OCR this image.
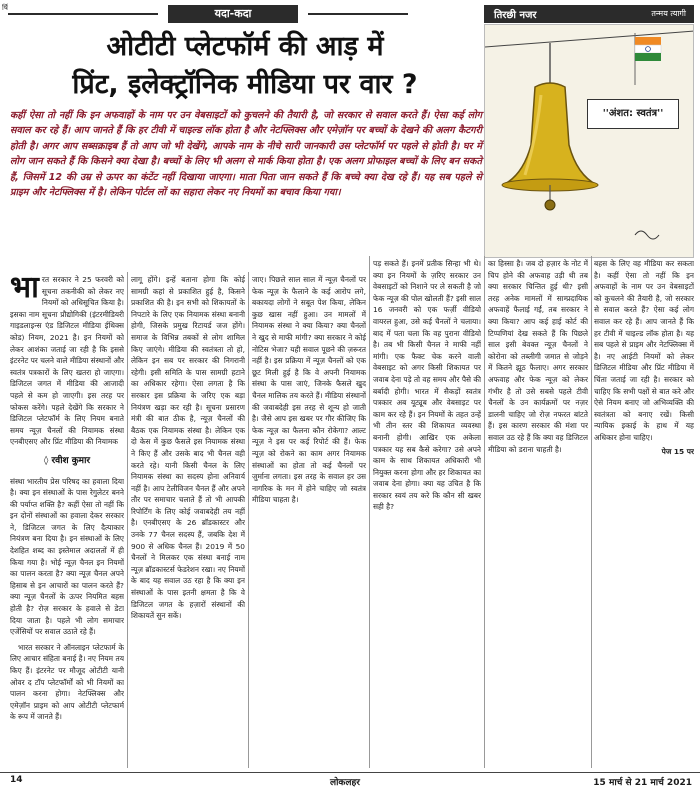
र्षि	यदा-कदा	तिरछी नजर	तन्मय त्यागी
ओटीटी प्लेटफॉर्म की आड़ में
प्रिंट, इलेक्ट्रॉनिक मीडिया पर वार ?
कहीं ऐसा तो नहीं कि इन अफवाहों के नाम पर उन वेबसाइटों को कुचलने की तैयारी है, जो सरकार से सवाल करते हैं। ऐसा कई लोग सवाल कर रहे हैं। आप जानते हैं कि हर टीवी में चाइल्ड लॉक होता है और नेटफ्लिक्स और एमेज़ॉन पर बच्चों के देखने की अलग कैटगरी होती है। अगर आप सब्सक्राइब हैं तो आप जो भी देखेंगे, आपके नाम के नीचे सारी जानकारी उस प्लेटफॉर्म पर पहले से होती है। घर में लोग जान सकते हैं कि किसने क्या देखा है। बच्चों के लिए भी अलग से मार्क किया होता है। एक अलग प्रोफाइल बच्चों के लिए बन सकते हैं, जिसमें 12 की उम्र से ऊपर का कंटेंट नहीं दिखाया जाएगा। माता पिता जान सकते हैं कि बच्चे क्या देख रहे हैं। यह सब पहले से प्राइम और नेटफ्लिक्स में है। लेकिन पोर्टल लों का सहारा लेकर नए नियमों का बचाव किया गया।
''अंशत: स्वतंत्र''

भा रत सरकार ने 25 फरवरी को सूचना तकनीकी को लेकर नए नियमों को अधिसूचित किया है। इसका नाम सूचना प्रौद्योगिकी (इंटरमीडियरी गाइडलाइन्स एंड डिजिटल मीडिया ईथिक्स कोड) नियम, 2021 है। इन नियमों को लेकर आशंका जताई जा रही है कि इससे इंटरनेट पर चलने वाले मीडिया संस्थानों और स्वतंत्र पत्रकारों के लिए खतरा हो जाएगा। डिजिटल जगत में मीडिया की आजादी पहले से कम हो जाएगी। इस तरह पर फोकस करेंगे। पहले देखेंगे कि सरकार ने डिजिटल प्लेटफॉर्म के लिए नियम बनाते समय न्यूज़ चैनलों की नियामक संस्था एनबीएसए और प्रिंट मीडिया की नियामक

◊ रवीश कुमार

संस्था भारतीय प्रेस परिषद का हवाला दिया है। क्या इन संस्थाओं के पास रेगुलेटर बनने की पर्याप्त शक्ति है? कहीं ऐसा तो नहीं कि इन दोनों संस्थाओं का हवाला देकर सरकार ने, डिजिटल जगत के लिए दैत्याकार नियंत्रण बना दिया है। इन संस्थाओं के लिए देशहित शब्द का इस्तेमाल अदालतों में ही किया गया है। भोई न्यूज़ चैनल इन नियमों का पालन करता है? क्या न्यूज़ चैनल अपने हिसाब से इन आचारों का पालन करते हैं? क्या न्यूज़ चैनलों के ऊपर नियमित बहस होती है? रोज़ सरकार के हवाले से डेटा दिया जाता है। पहले भी लोग समाचार एजेंसियों पर सवाल उठाते रहे हैं।

भारत सरकार ने ऑनलाइन प्लेटफार्म के लिए आचार संहिता बनाई है। नए नियम तय किए हैं। इंटरनेट पर मौजूद ओटीटी यानी ओवर द टॉप प्लेटफॉर्मों को भी नियमों का पालन करना होगा। नेटफ्लिक्स और एमेज़ॉन प्राइम को आप ओटीटी प्लेटफार्म के रूप में जानते हैं।

लागू होंगे। इन्हें बताना होगा कि कोई सामग्री कहां से प्रकाशित हुई है, किसने प्रकाशित की है। इन सभी को शिकायतों के निपटारे के लिए एक नियामक संस्था बनानी होगी, जिसके प्रमुख रिटायर्ड जज होंगे। समाज के विभिन्न तबकों से लोग शामिल किए जाएंगे। मीडिया की स्वतंत्रता तो हो, लेकिन इन सब पर सरकार की निगरानी रहेगी। इसी समिति के पास सामग्री हटाने का अधिकार रहेगा। ऐसा लगता है कि सरकार इस प्रक्रिया के जरिए एक बड़ा नियंत्रण खड़ा कर रही है। सूचना प्रसारण मंत्री की बात ठीक है, न्यूज़ चैनलों की बैठक एक नियामक संस्था है। लेकिन एक दो केस में कुछ फैसले इस नियामक संस्था ने किए हैं और उसके बाद भी चैनल वही करते रहे। यानी किसी चैनल के लिए नियामक संस्था का सदस्य होना अनिवार्य नहीं है। आप टेलीविजन चैनल हैं और अपने तौर पर समाचार चलाते हैं तो भी आपकी रिपोर्टिंग के लिए कोई जवाबदेही तय नहीं है। एनबीएसए के 26 ब्रॉडकास्टर और उनके 77 चैनल सदस्य हैं, जबकि देश में 900 से अधिक चैनल हैं। 2019 में 50 चैनलों ने मिलकर एक संस्था बनाई नाम न्यूज़ ब्रॉडकास्टर्स फेडरेशन रखा। नए नियमों के बाद यह सवाल उठ रहा है कि क्या इन संस्थाओं के पास इतनी क्षमता है कि वे डिजिटल जगत के हज़ारों संस्थानों की शिकायतें सुन सकें।

जाए। पिछले साल साल में न्यूज़ चैनलों पर फेक न्यूज़ के फैलाने के कई आरोप लगे, बकायदा लोगों ने सबूत पेश किया, लेकिन कुछ खास नहीं हुआ। उन मामलों में नियामक संस्था ने क्या किया? क्या चैनलों ने खुद से माफी मांगी? क्या सरकार ने कोई नोटिस भेजा? यही सवाल पूछने की ज़रूरत नहीं है। इस प्रक्रिया में न्यूज़ चैनलों को एक छूट मिली हुई है कि वे अपनी नियामक संस्था के पास जाएं, जिनके फैसले खुद चैनल मालिक तय करते हैं। मीडिया संस्थानों की जवाबदेही इस तरह से शून्य हो जाती है। जैसे आप इस खबर पर गौर कीजिए कि फेक न्यूज़ का फैलना कौन रोकेगा? आल्ट न्यूज़ ने इस पर कई रिपोर्ट की हैं। फेक न्यूज़ को रोकने का काम अगर नियामक संस्थाओं का होता तो कई चैनलों पर जुर्माना लगता। इस तरह के सवाल हर उस नागरिक के मन में होने चाहिए जो स्वतंत्र मीडिया चाहता है।

पड़ सकते हैं। इनमें प्रतीक सिन्हा भी थे। क्या इन नियमों के ज़रिए सरकार उन वेबसाइटों को निशाने पर ले सकती है जो फेक न्यूज़ की पोल खोलती हैं? इसी साल 16 जनवरी को एक फर्ज़ी वीडियो वायरल हुआ, उसे कई चैनलों ने चलाया। बाद में पता चला कि वह पुराना वीडियो है। तब भी किसी चैनल ने माफी नहीं मांगी। एक फैक्ट चेक करने वाली वेबसाइट को अगर किसी शिकायत पर जवाब देना पड़े तो वह समय और पैसे की बर्बादी होगी। भारत में सैकड़ों स्वतंत्र पत्रकार अब यूट्यूब और वेबसाइट पर काम कर रहे हैं। इन नियमों के तहत उन्हें भी तीन स्तर की शिकायत व्यवस्था बनानी होगी। आखिर एक अकेला पत्रकार यह सब कैसे करेगा? उसे अपने काम के साथ शिकायत अधिकारी भी नियुक्त करना होगा और हर शिकायत का जवाब देना होगा। क्या यह उचित है कि सरकार स्वयं तय करे कि कौन सी खबर सही है?

का हिस्सा है। जब दो हज़ार के नोट में चिप होने की अफवाह उड़ी थी तब क्या सरकार चिन्तित हुई थी? इसी तरह अनेक मामलों में साम्प्रदायिक अफवाहें फैलाई गईं, तब सरकार ने क्या किया? आप कई हाई कोर्ट की टिप्पणियां देख सकते हैं कि पिछले साल इसी बेवक्त न्यूज़ चैनलों ने कोरोना को तब्लीगी जमात से जोड़ने में कितने झूठ फैलाए। अगर सरकार अफवाह और फेक न्यूज़ को लेकर गंभीर है तो उसे सबसे पहले टीवी चैनलों के उन कार्यक्रमों पर नज़र डालनी चाहिए जो रोज़ नफरत बांटते हैं। इस कारण सरकार की मंशा पर सवाल उठ रहे हैं कि क्या वह डिजिटल मीडिया को डराना चाहती है।

बहस के लिए वह मीडिया कर सकता है। कहीं ऐसा तो नहीं कि इन अफवाहों के नाम पर उन वेबसाइटों को कुचलने की तैयारी है, जो सरकार से सवाल करते हैं? ऐसा कई लोग सवाल कर रहे हैं। आप जानते हैं कि हर टीवी में चाइल्ड लॉक होता है। यह सब पहले से प्राइम और नेटफ्लिक्स में है। नए आईटी नियमों को लेकर डिजिटल मीडिया और प्रिंट मीडिया में चिंता जताई जा रही है। सरकार को चाहिए कि सभी पक्षों से बात करे और ऐसे नियम बनाए जो अभिव्यक्ति की स्वतंत्रता को बनाए रखें। किसी न्यायिक इकाई के हाथ में यह अधिकार होना चाहिए।

पेज 15 पर

14	लोकलहर	15 मार्च से 21 मार्च 2021
